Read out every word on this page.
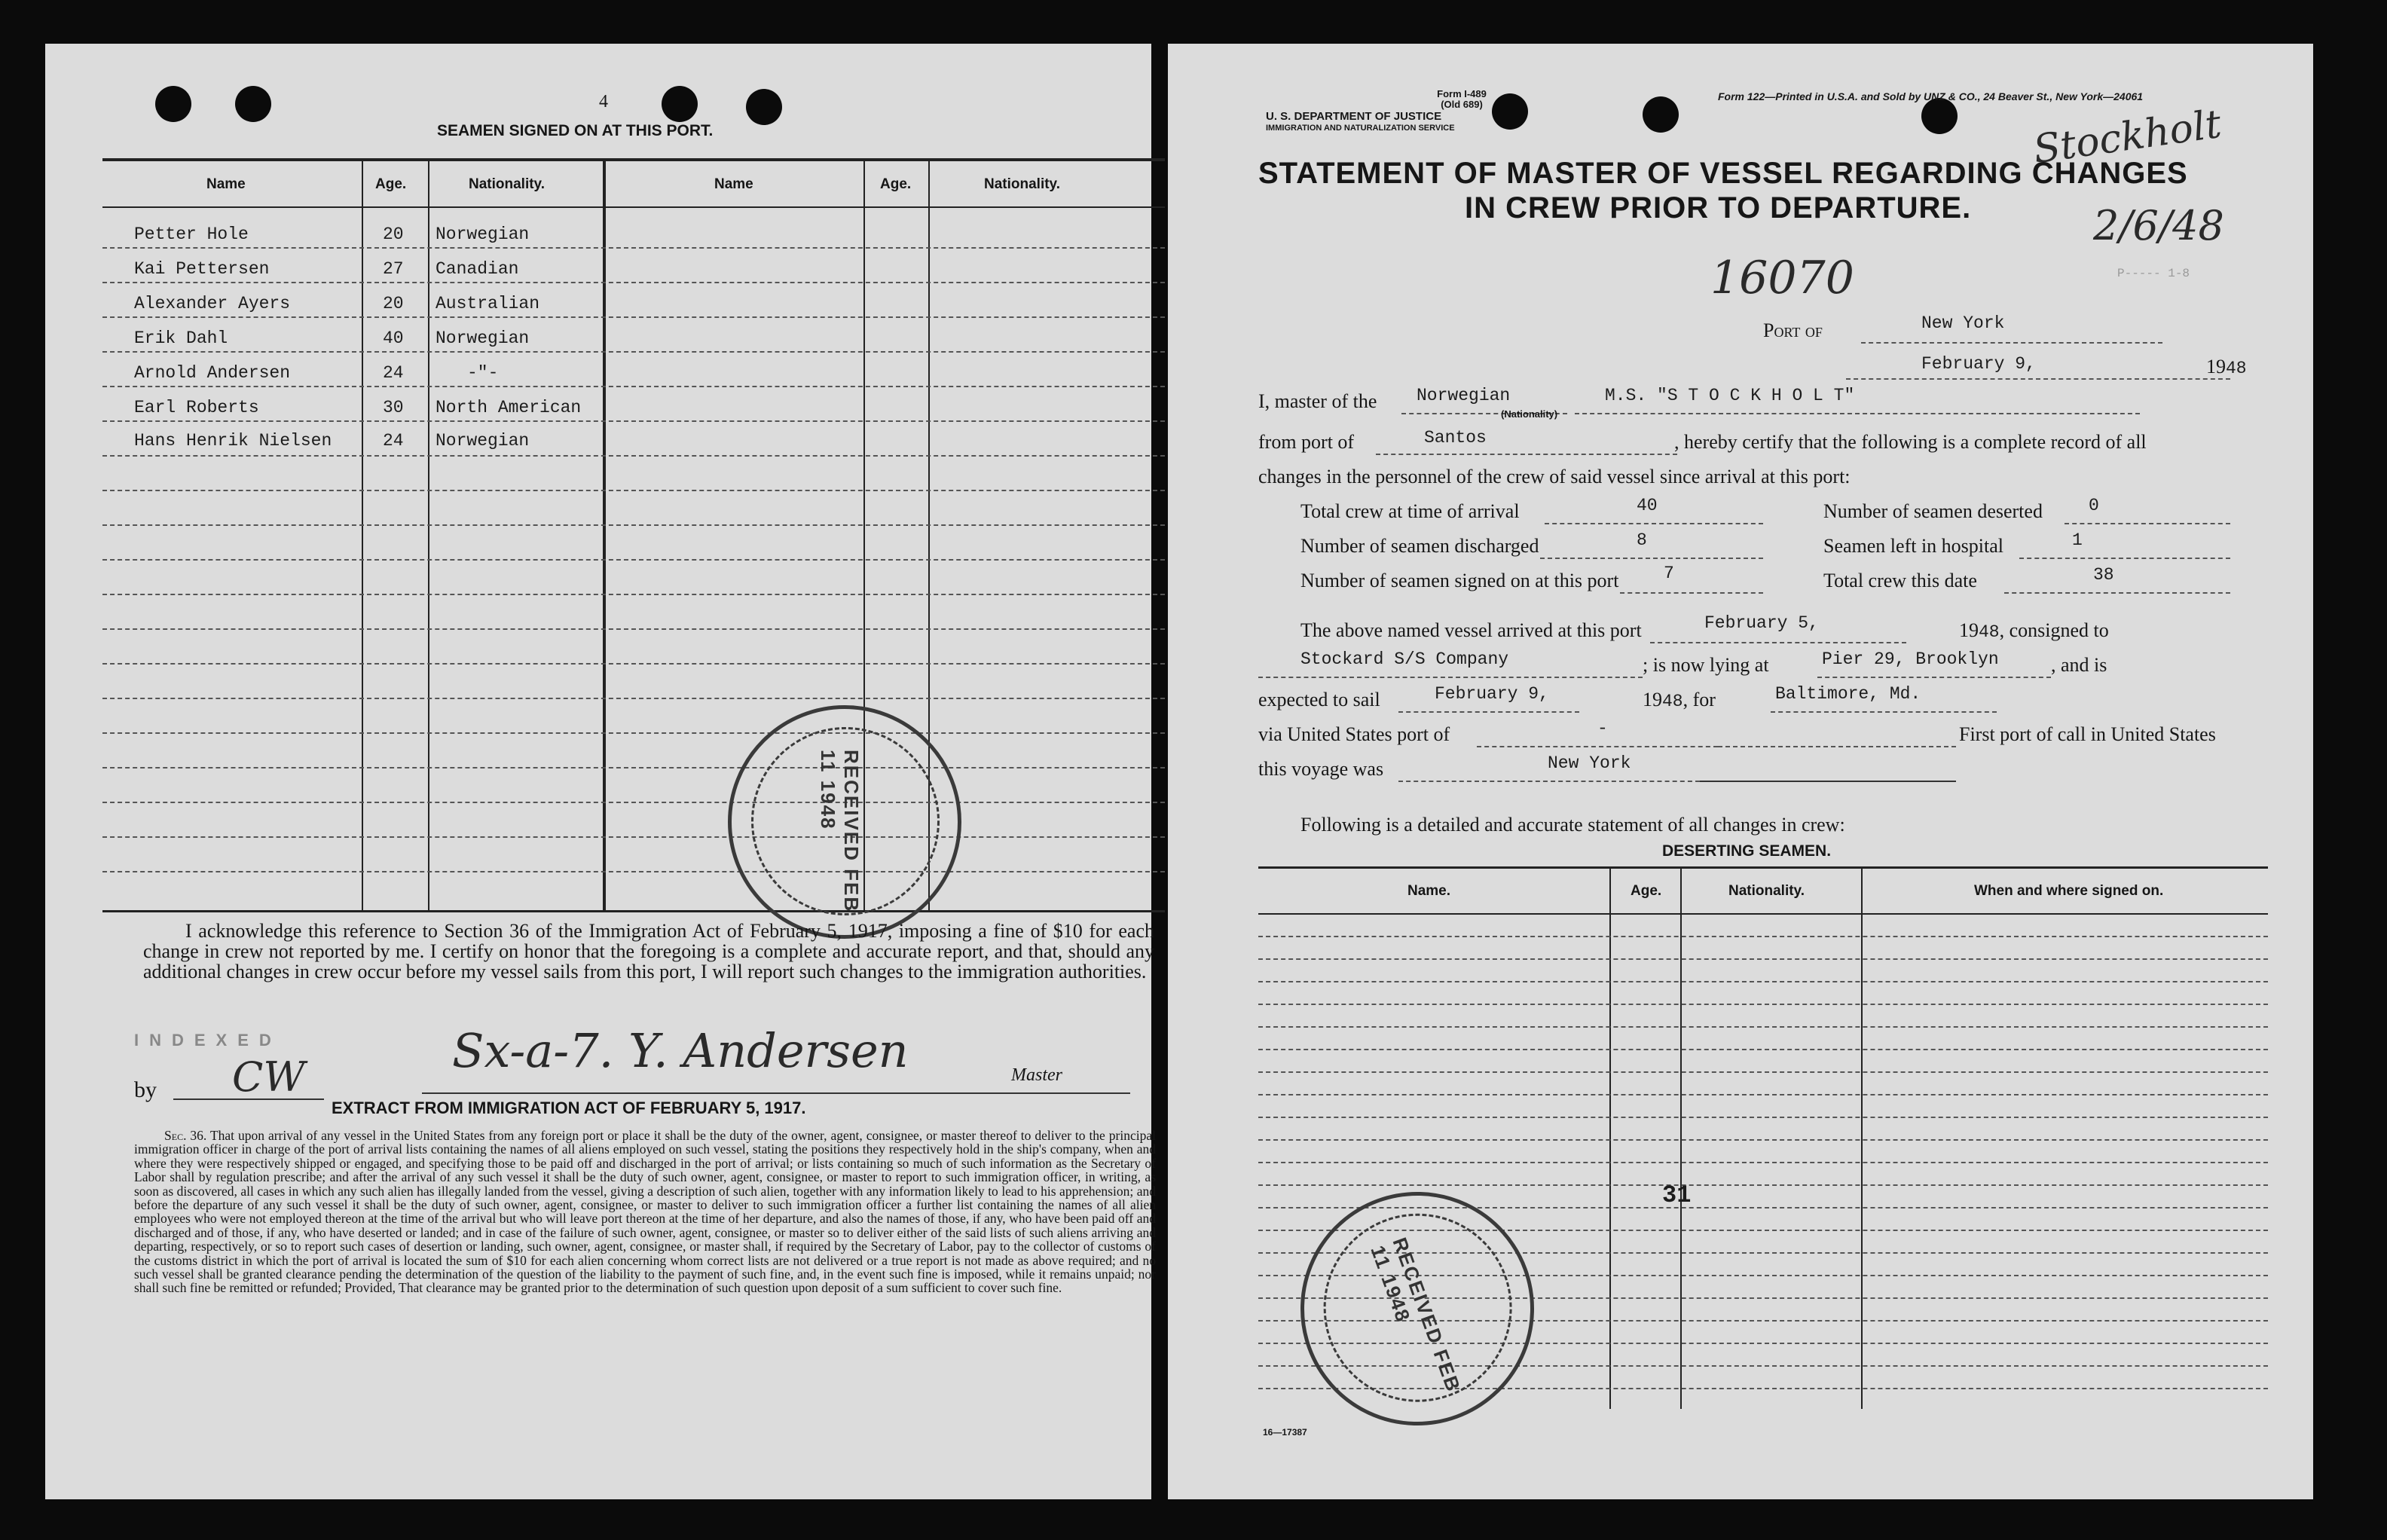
4
SEAMEN SIGNED ON AT THIS PORT.
Name	Age.	Nationality.	Name	Age.	Nationality.
Petter Hole	20 Norwegian
Kai Pettersen	27 Canadian
Alexander Ayers	20 Australian
Erik Dahl	40 Norwegian
Arnold Andersen	24	-"-
Earl Roberts	30 North American
Hans Henrik Nielsen	24 Norwegian
RECEIVED FEB 11 1948
I acknowledge this reference to Section 36 of the Immigration Act of February 5, 1917, imposing a fine of $10 for each change in crew not reported by me. I certify on honor that the foregoing is a complete and accurate report, and that, should any additional changes in crew occur before my vessel sails from this port, I will report such changes to the immigration authorities.
INDEXED
by CW	Sx-a-7. Y. Andersen	Master
EXTRACT FROM IMMIGRATION ACT OF FEBRUARY 5, 1917.
Sec. 36. That upon arrival of any vessel in the United States from any foreign port or place it shall be the duty of the owner, agent, consignee, or master thereof to deliver to the principal immigration officer in charge of the port of arrival lists containing the names of all aliens employed on such vessel, stating the positions they respectively hold in the ship's company, when and where they were respectively shipped or engaged, and specifying those to be paid off and discharged in the port of arrival; or lists containing so much of such information as the Secretary of Labor shall by regulation prescribe; and after the arrival of any such vessel it shall be the duty of such owner, agent, consignee, or master to report to such immigration officer, in writing, as soon as discovered, all cases in which any such alien has illegally landed from the vessel, giving a description of such alien, together with any information likely to lead to his apprehension; and before the departure of any such vessel it shall be the duty of such owner, agent, consignee, or master to deliver to such immigration officer a further list containing the names of all alien employees who were not employed thereon at the time of the arrival but who will leave port thereon at the time of her departure, and also the names of those, if any, who have been paid off and discharged and of those, if any, who have deserted or landed; and in case of the failure of such owner, agent, consignee, or master so to deliver either of the said lists of such aliens arriving and departing, respectively, or so to report such cases of desertion or landing, such owner, agent, consignee, or master shall, if required by the Secretary of Labor, pay to the collector of customs of the customs district in which the port of arrival is located the sum of $10 for each alien concerning whom correct lists are not delivered or a true report is not made as above required; and no such vessel shall be granted clearance pending the determination of the question of the liability to the payment of such fine, and, in the event such fine is imposed, while it remains unpaid; nor shall such fine be remitted or refunded; Provided, That clearance may be granted prior to the determination of such question upon deposit of a sum sufficient to cover such fine.
Form I-489
(Old 689)
U. S. DEPARTMENT OF JUSTICE
IMMIGRATION AND NATURALIZATION SERVICE
Form 122—Printed in U.S.A. and Sold by UNZ & CO., 24 Beaver St., New York—24061
Stockholt
STATEMENT OF MASTER OF VESSEL REGARDING CHANGES
IN CREW PRIOR TO DEPARTURE.	2/6/48
16070	P----- 1-8
Port of	New York
February 9,	1948
I, master of the Norwegian
(Nationality)
M.S. "S T O C K H O L T"
from port of	Santos	, hereby certify that the following is a complete record of all
changes in the personnel of the crew of said vessel since arrival at this port:
Total crew at time of arrival	40	Number of seamen deserted	0
Number of seamen discharged	8	Seamen left in hospital	1
Number of seamen signed on at this port	7	Total crew this date	38
The above named vessel arrived at this port	February 5,	1948, consigned to
Stockard S/S Company	; is now lying at	Pier 29, Brooklyn	, and is
expected to sail	February 9,	1948, for	Baltimore, Md.
via United States port of	-	First port of call in United States
this voyage was	New York
Following is a detailed and accurate statement of all changes in crew:
DESERTING SEAMEN.
Name.	Age.	Nationality.	When and where signed on.
31
RECEIVED FEB 11 1948
16—17387
